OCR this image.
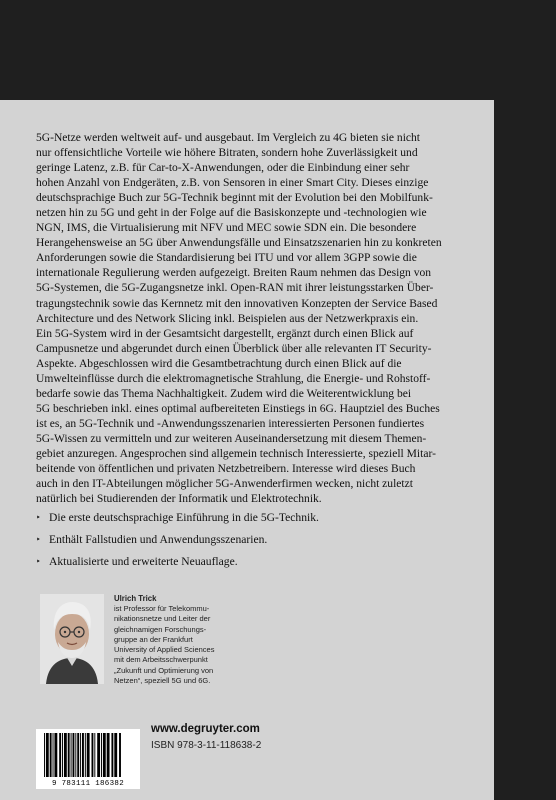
5G-Netze werden weltweit auf- und ausgebaut. Im Vergleich zu 4G bieten sie nicht
nur offensichtliche Vorteile wie höhere Bitraten, sondern hohe Zuverlässigkeit und
geringe Latenz, z.B. für Car-to-X-Anwendungen, oder die Einbindung einer sehr
hohen Anzahl von Endgeräten, z.B. von Sensoren in einer Smart City. Dieses einzige
deutschsprachige Buch zur 5G-Technik beginnt mit der Evolution bei den Mobilfunk-
netzen hin zu 5G und geht in der Folge auf die Basiskonzepte und -technologien wie
NGN, IMS, die Virtualisierung mit NFV und MEC sowie SDN ein. Die besondere
Herangehensweise an 5G über Anwendungsfälle und Einsatzszenarien hin zu konkreten
Anforderungen sowie die Standardisierung bei ITU und vor allem 3GPP sowie die
internationale Regulierung werden aufgezeigt. Breiten Raum nehmen das Design von
5G-Systemen, die 5G-Zugangsnetze inkl. Open-RAN mit ihrer leistungsstarken Über-
tragungstechnik sowie das Kernnetz mit den innovativen Konzepten der Service Based
Architecture und des Network Slicing inkl. Beispielen aus der Netzwerkpraxis ein.
Ein 5G-System wird in der Gesamtsicht dargestellt, ergänzt durch einen Blick auf
Campusnetze und abgerundet durch einen Überblick über alle relevanten IT Security-
Aspekte. Abgeschlossen wird die Gesamtbetrachtung durch einen Blick auf die
Umwelteinflüsse durch die elektromagnetische Strahlung, die Energie- und Rohstoff-
bedarfe sowie das Thema Nachhaltigkeit. Zudem wird die Weiterentwicklung bei
5G beschrieben inkl. eines optimal aufbereiteten Einstiegs in 6G. Hauptziel des Buches
ist es, an 5G-Technik und -Anwendungsszenarien interessierten Personen fundiertes
5G-Wissen zu vermitteln und zur weiteren Auseinandersetzung mit diesem Themen-
gebiet anzuregen. Angesprochen sind allgemein technisch Interessierte, speziell Mitar-
beitende von öffentlichen und privaten Netzbetreibern. Interesse wird dieses Buch
auch in den IT-Abteilungen möglicher 5G-Anwenderfirmen wecken, nicht zuletzt
natürlich bei Studierenden der Informatik und Elektrotechnik.
‣ Die erste deutschsprachige Einführung in die 5G-Technik.
‣ Enthält Fallstudien und Anwendungsszenarien.
‣ Aktualisierte und erweiterte Neuauflage.
Ulrich Trick
ist Professor für Telekommu-
nikationsnetze und Leiter der
gleichnamigen Forschungs-
gruppe an der Frankfurt
University of Applied Sciences
mit dem Arbeitsschwerpunkt
„Zukunft und Optimierung von
Netzen“, speziell 5G und 6G.
9 783111 186382
www.degruyter.com
ISBN 978-3-11-118638-2
